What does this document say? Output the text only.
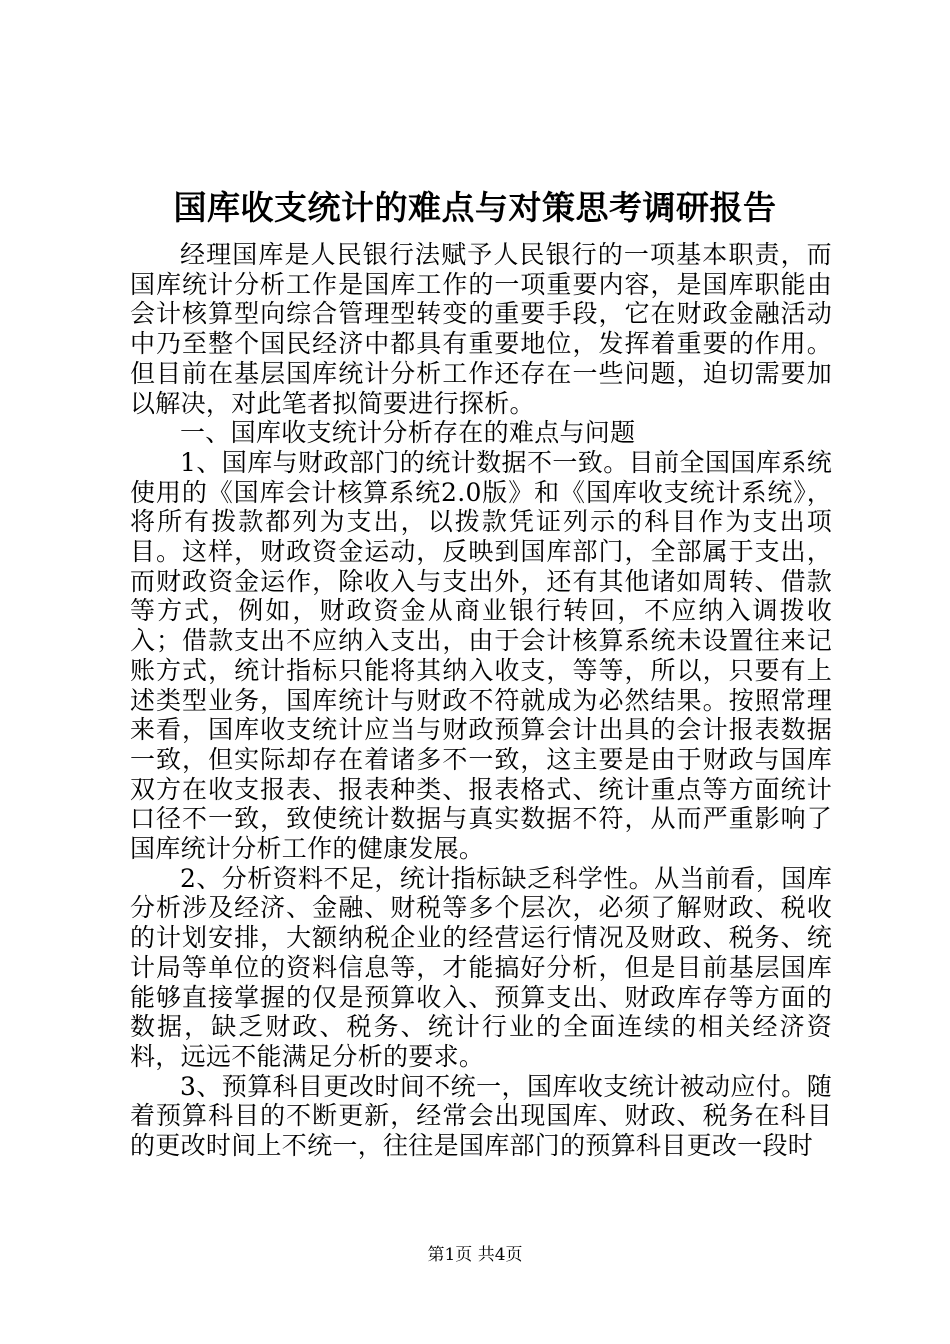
国库收支统计的难点与对策思考调研报告

经理国库是人民银行法赋予人民银行的一项基本职责，而国库统计分析工作是国库工作的一项重要内容，是国库职能由会计核算型向综合管理型转变的重要手段，它在财政金融活动中乃至整个国民经济中都具有重要地位，发挥着重要的作用。但目前在基层国库统计分析工作还存在一些问题，迫切需要加以解决，对此笔者拟简要进行探析。

一、国库收支统计分析存在的难点与问题

1、国库与财政部门的统计数据不一致。目前全国国库系统使用的《国库会计核算系统2.0版》和《国库收支统计系统》，将所有拨款都列为支出，以拨款凭证列示的科目作为支出项目。这样，财政资金运动，反映到国库部门，全部属于支出，而财政资金运作，除收入与支出外，还有其他诸如周转、借款等方式，例如，财政资金从商业银行转回，不应纳入调拨收入；借款支出不应纳入支出，由于会计核算系统未设置往来记账方式，统计指标只能将其纳入收支，等等，所以，只要有上述类型业务，国库统计与财政不符就成为必然结果。按照常理来看，国库收支统计应当与财政预算会计出具的会计报表数据一致，但实际却存在着诸多不一致，这主要是由于财政与国库双方在收支报表、报表种类、报表格式、统计重点等方面统计口径不一致，致使统计数据与真实数据不符，从而严重影响了国库统计分析工作的健康发展。

2、分析资料不足，统计指标缺乏科学性。从当前看，国库分析涉及经济、金融、财税等多个层次，必须了解财政、税收的计划安排，大额纳税企业的经营运行情况及财政、税务、统计局等单位的资料信息等，才能搞好分析，但是目前基层国库能够直接掌握的仅是预算收入、预算支出、财政库存等方面的数据，缺乏财政、税务、统计行业的全面连续的相关经济资料，远远不能满足分析的要求。

3、预算科目更改时间不统一，国库收支统计被动应付。随着预算科目的不断更新，经常会出现国库、财政、税务在科目的更改时间上不统一，往往是国库部门的预算科目更改一段时

第1页 共4页
